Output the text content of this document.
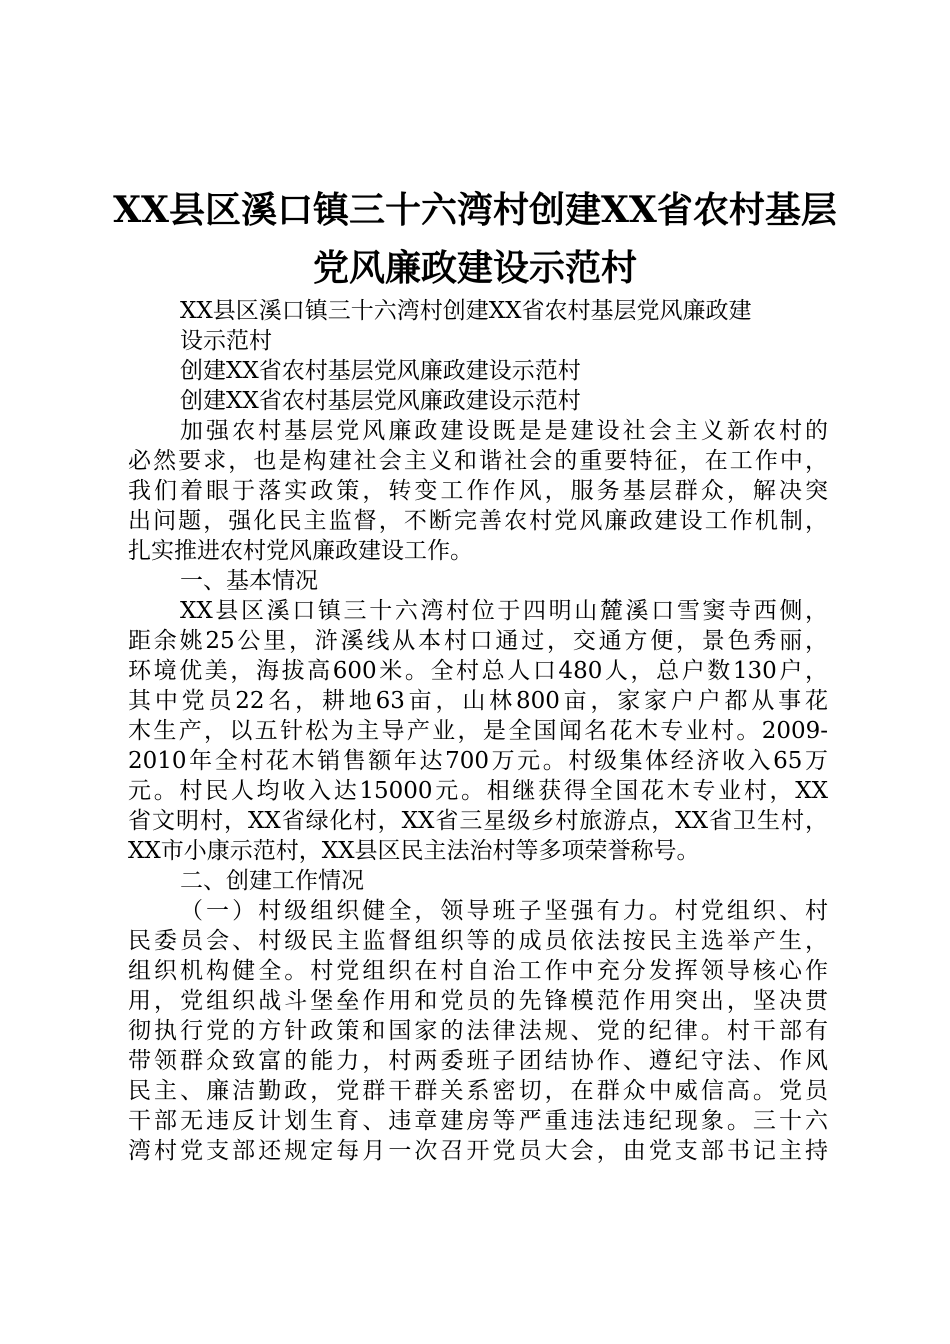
XX县区溪口镇三十六湾村创建XX省农村基层
党风廉政建设示范村
XX县区溪口镇三十六湾村创建XX省农村基层党风廉政建
设示范村
创建XX省农村基层党风廉政建设示范村
创建XX省农村基层党风廉政建设示范村
加强农村基层党风廉政建设既是是建设社会主义新农村的
必然要求，也是构建社会主义和谐社会的重要特征，在工作中，
我们着眼于落实政策，转变工作作风，服务基层群众，解决突
出问题，强化民主监督，不断完善农村党风廉政建设工作机制，
扎实推进农村党风廉政建设工作。
一、基本情况
XX县区溪口镇三十六湾村位于四明山麓溪口雪窦寺西侧，
距余姚25公里，浒溪线从本村口通过，交通方便，景色秀丽，
环境优美，海拔高600米。全村总人口480人，总户数130户，
其中党员22名，耕地63亩，山林800亩，家家户户都从事花
木生产，以五针松为主导产业，是全国闻名花木专业村。2009-
2010年全村花木销售额年达700万元。村级集体经济收入65万
元。村民人均收入达15000元。相继获得全国花木专业村，XX
省文明村，XX省绿化村，XX省三星级乡村旅游点，XX省卫生村，
XX市小康示范村，XX县区民主法治村等多项荣誉称号。
二、创建工作情况
（一）村级组织健全，领导班子坚强有力。村党组织、村
民委员会、村级民主监督组织等的成员依法按民主选举产生，
组织机构健全。村党组织在村自治工作中充分发挥领导核心作
用，党组织战斗堡垒作用和党员的先锋模范作用突出，坚决贯
彻执行党的方针政策和国家的法律法规、党的纪律。村干部有
带领群众致富的能力，村两委班子团结协作、遵纪守法、作风
民主、廉洁勤政，党群干群关系密切，在群众中威信高。党员
干部无违反计划生育、违章建房等严重违法违纪现象。三十六
湾村党支部还规定每月一次召开党员大会，由党支部书记主持
